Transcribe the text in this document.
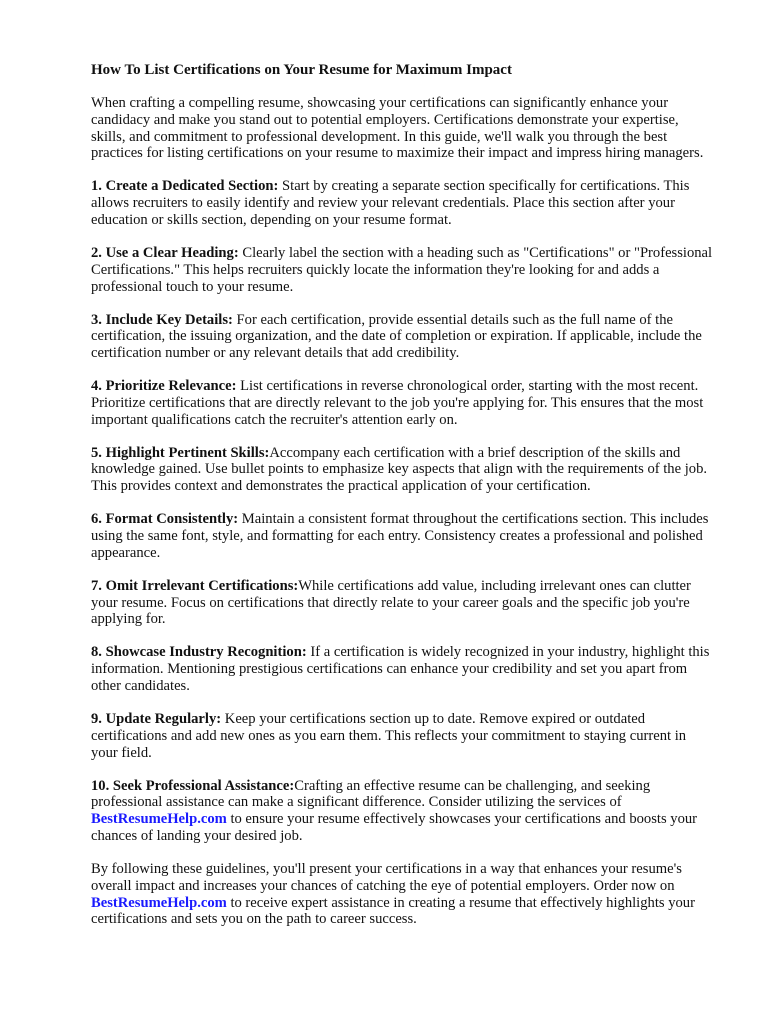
How To List Certifications on Your Resume for Maximum Impact

When crafting a compelling resume, showcasing your certifications can significantly enhance your candidacy and make you stand out to potential employers. Certifications demonstrate your expertise, skills, and commitment to professional development. In this guide, we'll walk you through the best practices for listing certifications on your resume to maximize their impact and impress hiring managers.

1. Create a Dedicated Section: Start by creating a separate section specifically for certifications. This allows recruiters to easily identify and review your relevant credentials. Place this section after your education or skills section, depending on your resume format.

2. Use a Clear Heading: Clearly label the section with a heading such as "Certifications" or "Professional Certifications." This helps recruiters quickly locate the information they're looking for and adds a professional touch to your resume.

3. Include Key Details: For each certification, provide essential details such as the full name of the certification, the issuing organization, and the date of completion or expiration. If applicable, include the certification number or any relevant details that add credibility.

4. Prioritize Relevance: List certifications in reverse chronological order, starting with the most recent. Prioritize certifications that are directly relevant to the job you're applying for. This ensures that the most important qualifications catch the recruiter's attention early on.

5. Highlight Pertinent Skills:Accompany each certification with a brief description of the skills and knowledge gained. Use bullet points to emphasize key aspects that align with the requirements of the job. This provides context and demonstrates the practical application of your certification.

6. Format Consistently: Maintain a consistent format throughout the certifications section. This includes using the same font, style, and formatting for each entry. Consistency creates a professional and polished appearance.

7. Omit Irrelevant Certifications:While certifications add value, including irrelevant ones can clutter your resume. Focus on certifications that directly relate to your career goals and the specific job you're applying for.

8. Showcase Industry Recognition: If a certification is widely recognized in your industry, highlight this information. Mentioning prestigious certifications can enhance your credibility and set you apart from other candidates.

9. Update Regularly: Keep your certifications section up to date. Remove expired or outdated certifications and add new ones as you earn them. This reflects your commitment to staying current in your field.

10. Seek Professional Assistance:Crafting an effective resume can be challenging, and seeking professional assistance can make a significant difference. Consider utilizing the services of BestResumeHelp.com to ensure your resume effectively showcases your certifications and boosts your chances of landing your desired job.

By following these guidelines, you'll present your certifications in a way that enhances your resume's overall impact and increases your chances of catching the eye of potential employers. Order now on BestResumeHelp.com to receive expert assistance in creating a resume that effectively highlights your certifications and sets you on the path to career success.
